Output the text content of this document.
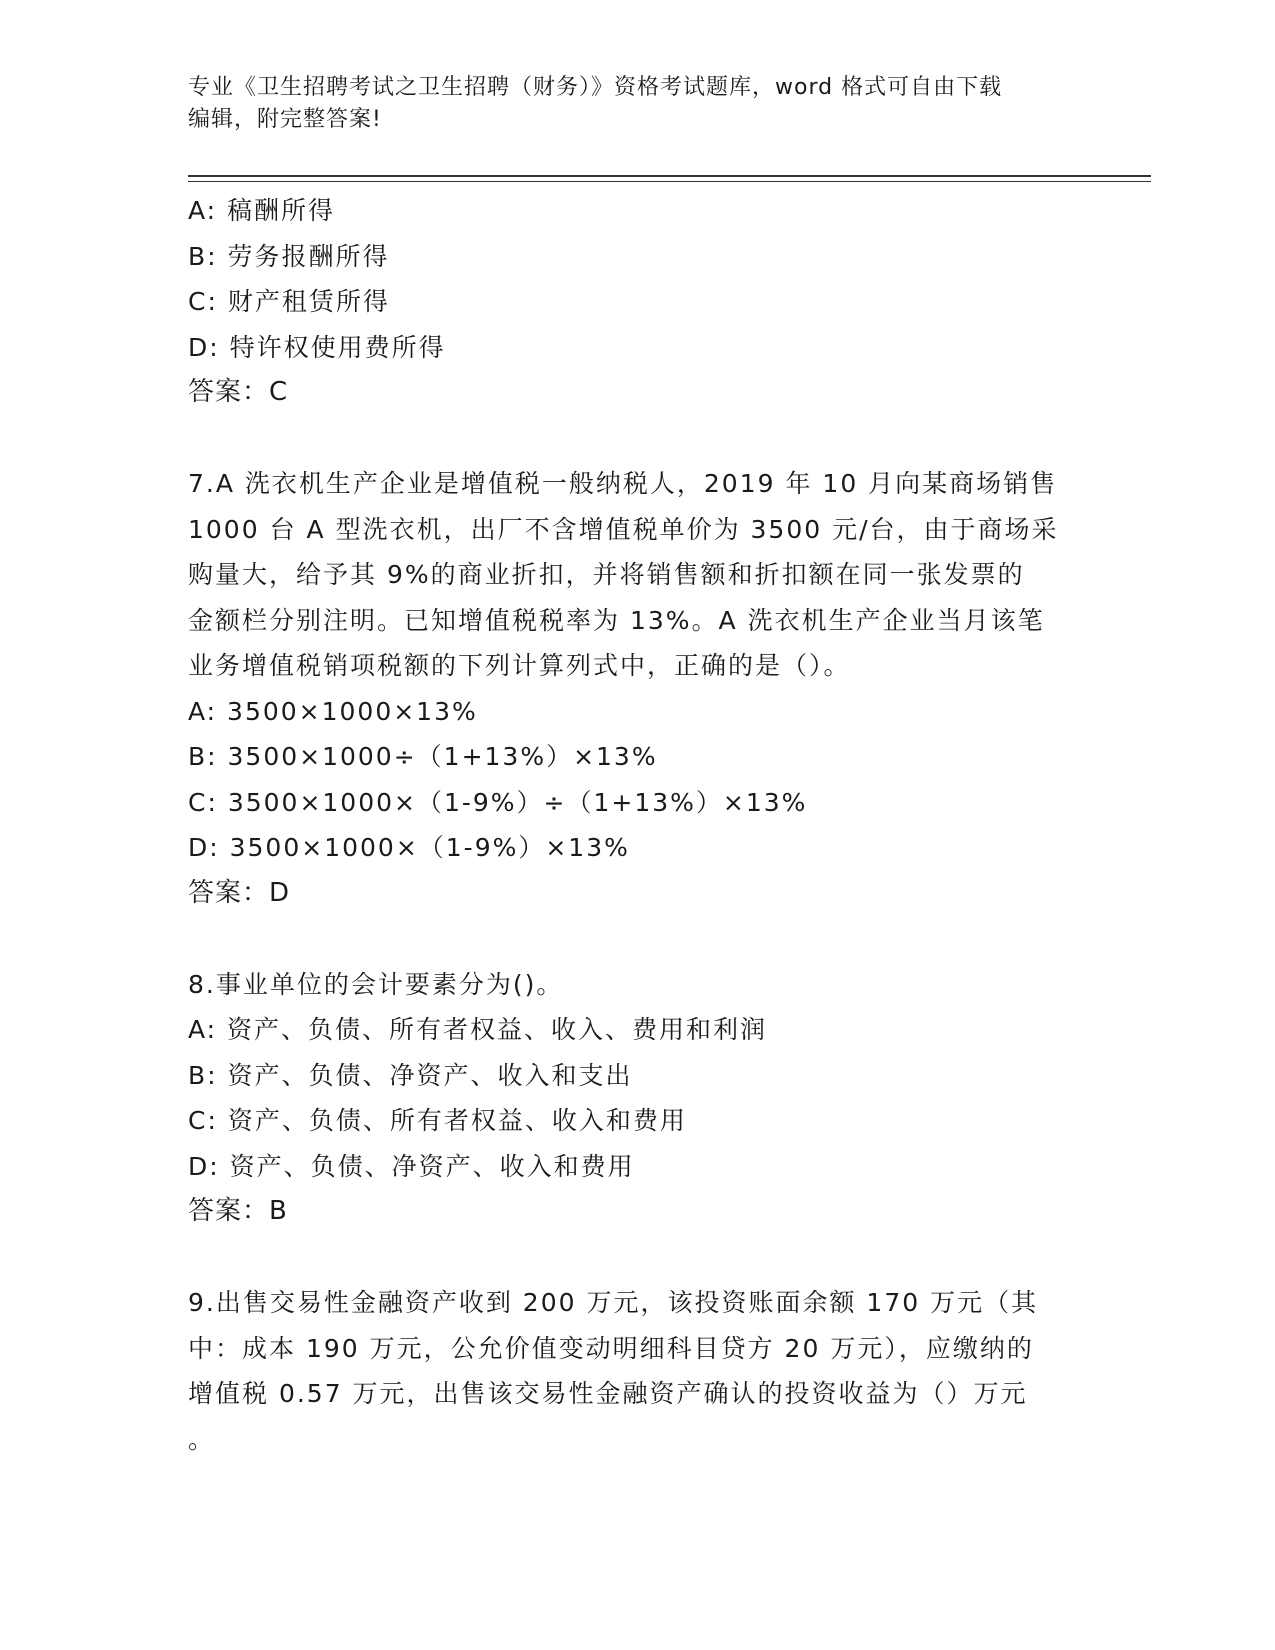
专业《卫生招聘考试之卫生招聘（财务）》资格考试题库，word 格式可自由下载
编辑，附完整答案!
A: 稿酬所得
B: 劳务报酬所得
C: 财产租赁所得
D: 特许权使用费所得
答案：C
7.A 洗衣机生产企业是增值税一般纳税人，2019 年 10 月向某商场销售
1000 台 A 型洗衣机，出厂不含增值税单价为 3500 元/台，由于商场采
购量大，给予其 9%的商业折扣，并将销售额和折扣额在同一张发票的
金额栏分别注明。已知增值税税率为 13%。A 洗衣机生产企业当月该笔
业务增值税销项税额的下列计算列式中，正确的是（）。
A: 3500×1000×13%
B: 3500×1000÷（1+13%）×13%
C: 3500×1000×（1-9%）÷（1+13%）×13%
D: 3500×1000×（1-9%）×13%
答案：D
8.事业单位的会计要素分为()。
A: 资产、负债、所有者权益、收入、费用和利润
B: 资产、负债、净资产、收入和支出
C: 资产、负债、所有者权益、收入和费用
D: 资产、负债、净资产、收入和费用
答案：B
9.出售交易性金融资产收到 200 万元，该投资账面余额 170 万元（其
中：成本 190 万元，公允价值变动明细科目贷方 20 万元），应缴纳的
增值税 0.57 万元，出售该交易性金融资产确认的投资收益为（）万元
。
